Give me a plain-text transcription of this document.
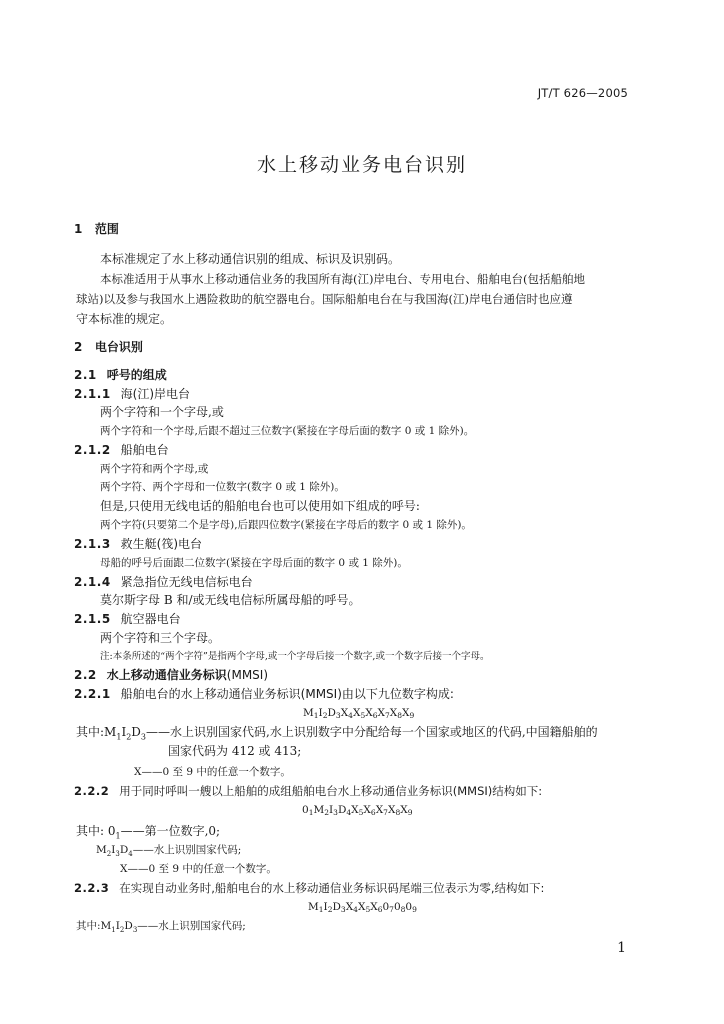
JT/T 626—2005
水上移动业务电台识别
1 范围
本标准规定了水上移动通信识别的组成、标识及识别码。
本标准适用于从事水上移动通信业务的我国所有海(江)岸电台、专用电台、船舶电台(包括船舶地
球站)以及参与我国水上遇险救助的航空器电台。国际船舶电台在与我国海(江)岸电台通信时也应遵
守本标准的规定。
2 电台识别
2.1 呼号的组成
2.1.1 海(江)岸电台
两个字符和一个字母,或
两个字符和一个字母,后跟不超过三位数字(紧接在字母后面的数字 0 或 1 除外)。
2.1.2 船舶电台
两个字符和两个字母,或
两个字符、两个字母和一位数字(数字 0 或 1 除外)。
但是,只使用无线电话的船舶电台也可以使用如下组成的呼号:
两个字符(只要第二个是字母),后跟四位数字(紧接在字母后的数字 0 或 1 除外)。
2.1.3 救生艇(筏)电台
母船的呼号后面跟二位数字(紧接在字母后面的数字 0 或 1 除外)。
2.1.4 紧急指位无线电信标电台
莫尔斯字母 B 和/或无线电信标所属母船的呼号。
2.1.5 航空器电台
两个字符和三个字母。
注:本条所述的“两个字符”是指两个字母,或一个字母后接一个数字,或一个数字后接一个字母。
2.2 水上移动通信业务标识(MMSI)
2.2.1 船舶电台的水上移动通信业务标识(MMSI)由以下九位数字构成:
$M_1I_2D_3X_4X_5X_6X_7X_8X_9$
其中$:M_1I_2D_3——$水上识别国家代码,水上识别数字中分配给每一个国家或地区的代码,中国籍船舶的
国家代码为 412 或 413;
X——0 至 9 中的任意一个数字。
2.2.2 用于同时呼叫一艘以上船舶的成组船舶电台水上移动通信业务标识(MMSI)结构如下:
$0_1M_2I_3D_4X_5X_6X_7X_8X_9$
其中: $0_1——$第一位数字,0;
$M_2I_3D_4——$水上识别国家代码;
X——0 至 9 中的任意一个数字。
2.2.3 在实现自动业务时,船舶电台的水上移动通信业务标识码尾端三位表示为零,结构如下:
$M_1I_2D_3X_4X_5X_60_70_80_9$
其中$:M_1I_2D_3——$水上识别国家代码;
1
